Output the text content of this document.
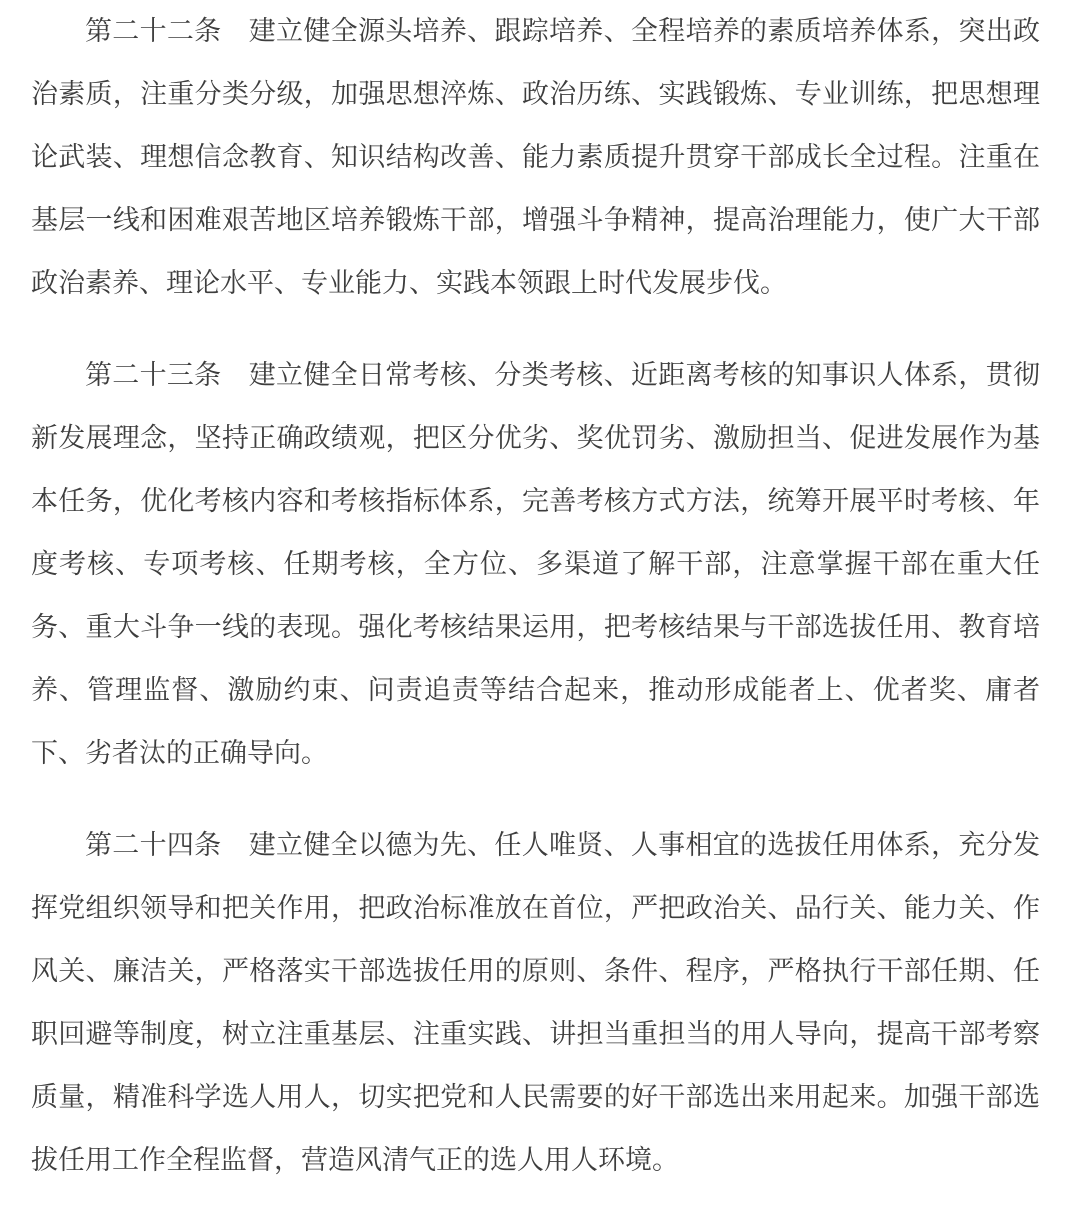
第二十二条　建立健全源头培养、跟踪培养、全程培养的素质培养体系，突出政治素质，注重分类分级，加强思想淬炼、政治历练、实践锻炼、专业训练，把思想理论武装、理想信念教育、知识结构改善、能力素质提升贯穿干部成长全过程。注重在基层一线和困难艰苦地区培养锻炼干部，增强斗争精神，提高治理能力，使广大干部政治素养、理论水平、专业能力、实践本领跟上时代发展步伐。

第二十三条　建立健全日常考核、分类考核、近距离考核的知事识人体系，贯彻新发展理念，坚持正确政绩观，把区分优劣、奖优罚劣、激励担当、促进发展作为基本任务，优化考核内容和考核指标体系，完善考核方式方法，统筹开展平时考核、年度考核、专项考核、任期考核，全方位、多渠道了解干部，注意掌握干部在重大任务、重大斗争一线的表现。强化考核结果运用，把考核结果与干部选拔任用、教育培养、管理监督、激励约束、问责追责等结合起来，推动形成能者上、优者奖、庸者下、劣者汰的正确导向。

第二十四条　建立健全以德为先、任人唯贤、人事相宜的选拔任用体系，充分发挥党组织领导和把关作用，把政治标准放在首位，严把政治关、品行关、能力关、作风关、廉洁关，严格落实干部选拔任用的原则、条件、程序，严格执行干部任期、任职回避等制度，树立注重基层、注重实践、讲担当重担当的用人导向，提高干部考察质量，精准科学选人用人，切实把党和人民需要的好干部选出来用起来。加强干部选拔任用工作全程监督，营造风清气正的选人用人环境。
